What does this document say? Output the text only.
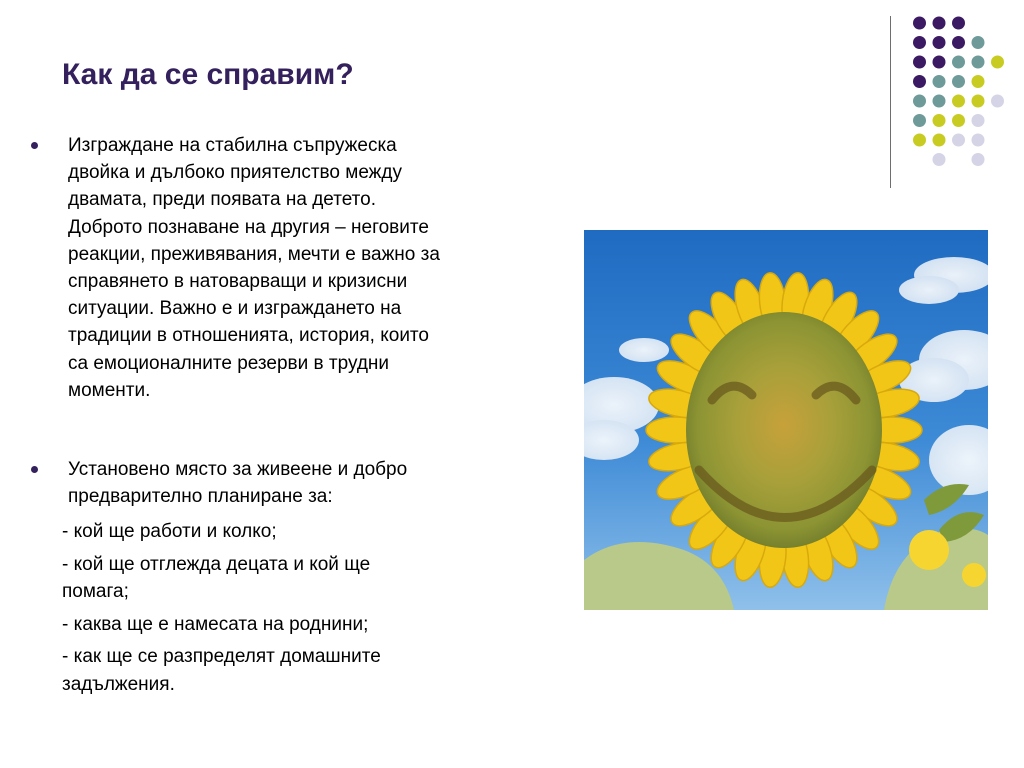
Как да се справим?

Изграждане на стабилна съпружеска
двойка и дълбоко приятелство между
двамата, преди появата на детето.
Доброто познаване на другия – неговите
реакции, преживявания, мечти е важно за
справянето в натоварващи и кризисни
ситуации. Важно е и изграждането на
традиции в отношенията, история, които
са емоционалните резерви в трудни
моменти.

Установено място за живеене и добро
предварително планиране за:

- кой ще работи и колко;
- кой ще отглежда децата и кой ще
помага;
- каква ще е намесата на роднини;
- как ще се разпределят домашните
задължения.
